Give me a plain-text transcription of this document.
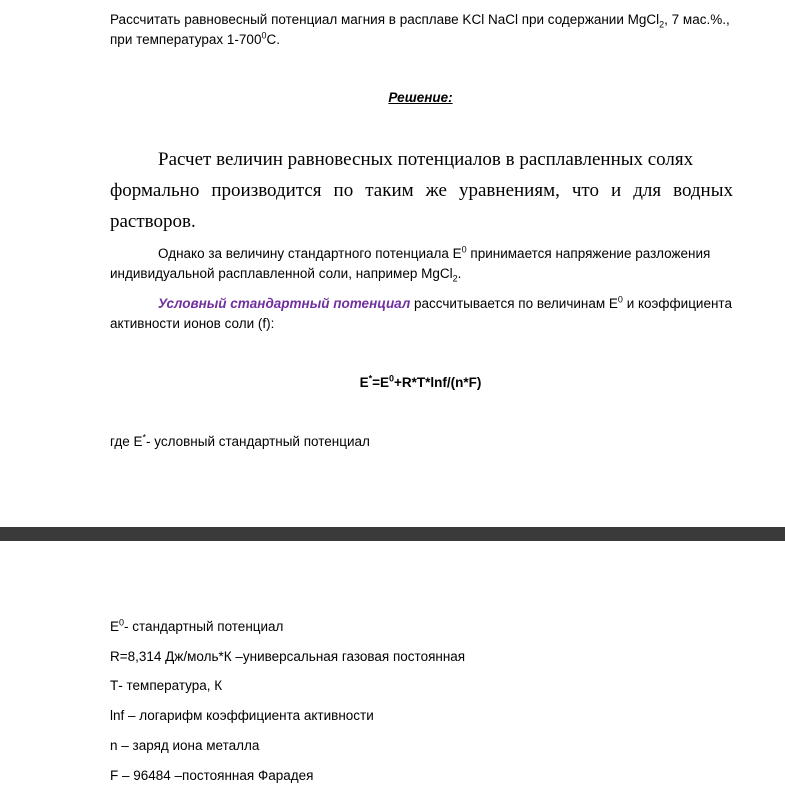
Рассчитать равновесный потенциал магния в расплаве KCl NaCl при содержании MgCl$_2$, 7 мас.%.,
при температурах $1-700^0С$.
Решение:
Расчет величин равновесных потенциалов в расплавленных солях
формально производится по таким же уравнениям, что и для водных
растворов.
Однако за величину стандартного потенциала $Е^0$ принимается напряжение разложения
индивидуальной расплавленной соли, например MgCl$_2$.
Условный стандартный потенциал рассчитывается по величинам $Е^0$ и коэффициента
активности ионов соли (f):
$E^*=E^0+R*T*\ln f/(n*F)$
где Е*- условный стандартный потенциал
$Е^0-$ стандартный потенциал
R=8,314 Дж/моль*К –универсальная газовая постоянная
Т- температура, К
lnf – логарифм коэффициента активности
n – заряд иона металла
F – 96484 –постоянная Фарадея
